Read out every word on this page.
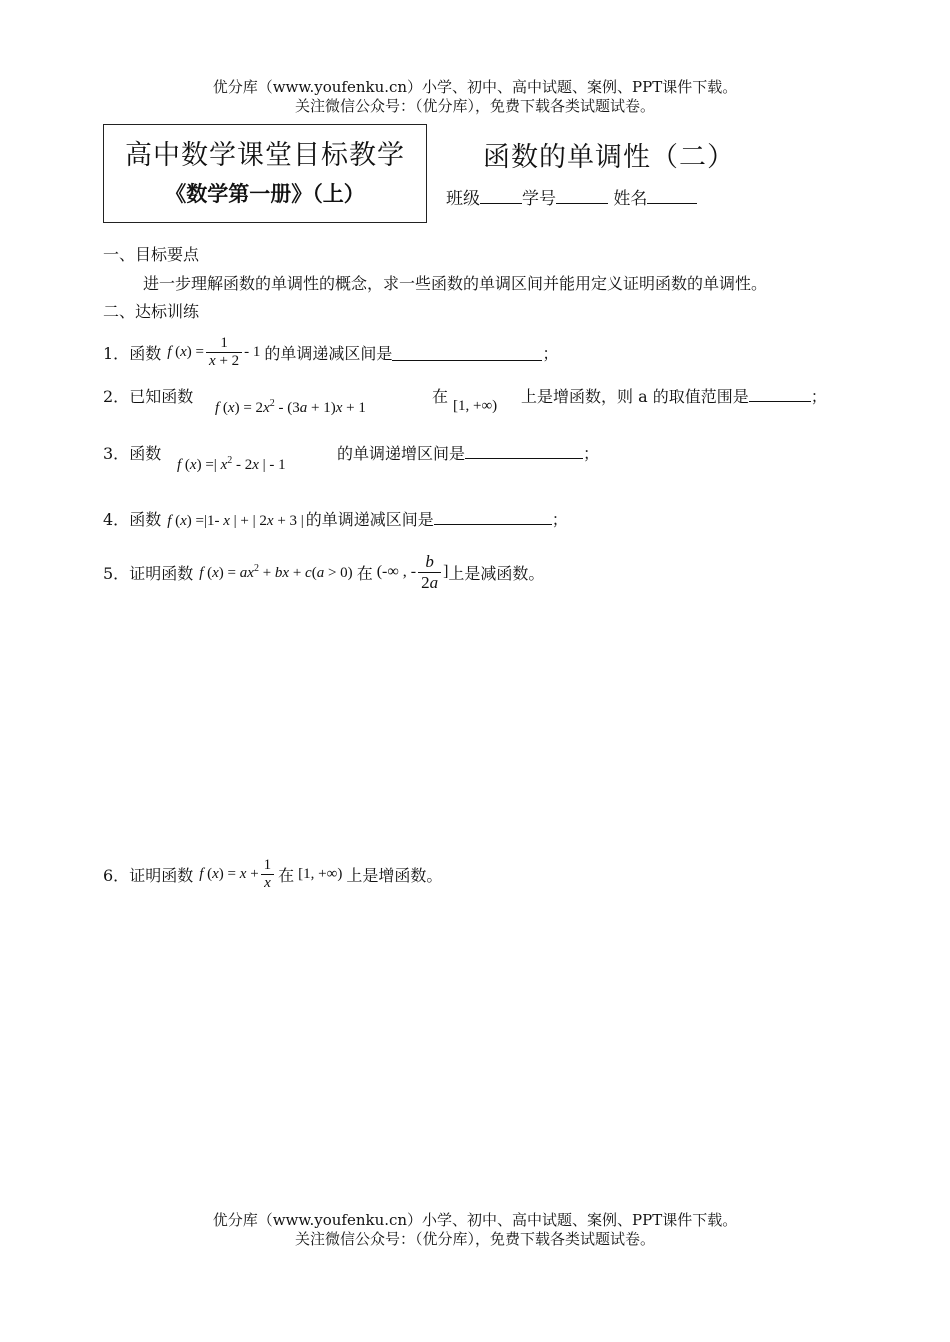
优分库（www.youfenku.cn）小学、初中、高中试题、案例、PPT课件下载。
关注微信公众号：（优分库），免费下载各类试题试卷。
高中数学课堂目标教学
《数学第一册》（上）
函数的单调性（二）
班级 学号	姓名
一、目标要点
进一步理解函数的单调性的概念，求一些函数的单调区间并能用定义证明函数的单调性。
二、达标训练
1． 函数 f $(x) = \frac{1}{x + 2} - 1$ 的单调递减区间是	；
2．已知函数
f $(x) = 2x^2 - (3a + 1)x + 1$
在 [1, +∞) 上是增函数，则 a 的取值范围是	；
3．函数
f (x) =| $x^2 - 2x$ | - 1
的单调递增区间是	；
4． 函数 f (x) =|1- x | + | 2x + 3 | 的单调递减区间是	；
5． 证明函数 f $(x) = ax^2$ + bx + c(a > 0) 在 (-∞ , - $\frac{b}{2a}$ ] 上是减函数。
6． 证明函数 f $(x) = x + \frac{1}{x}$ 在 [1, +∞) 上是增函数。
优分库（www.youfenku.cn）小学、初中、高中试题、案例、PPT课件下载。
关注微信公众号：（优分库），免费下载各类试题试卷。
